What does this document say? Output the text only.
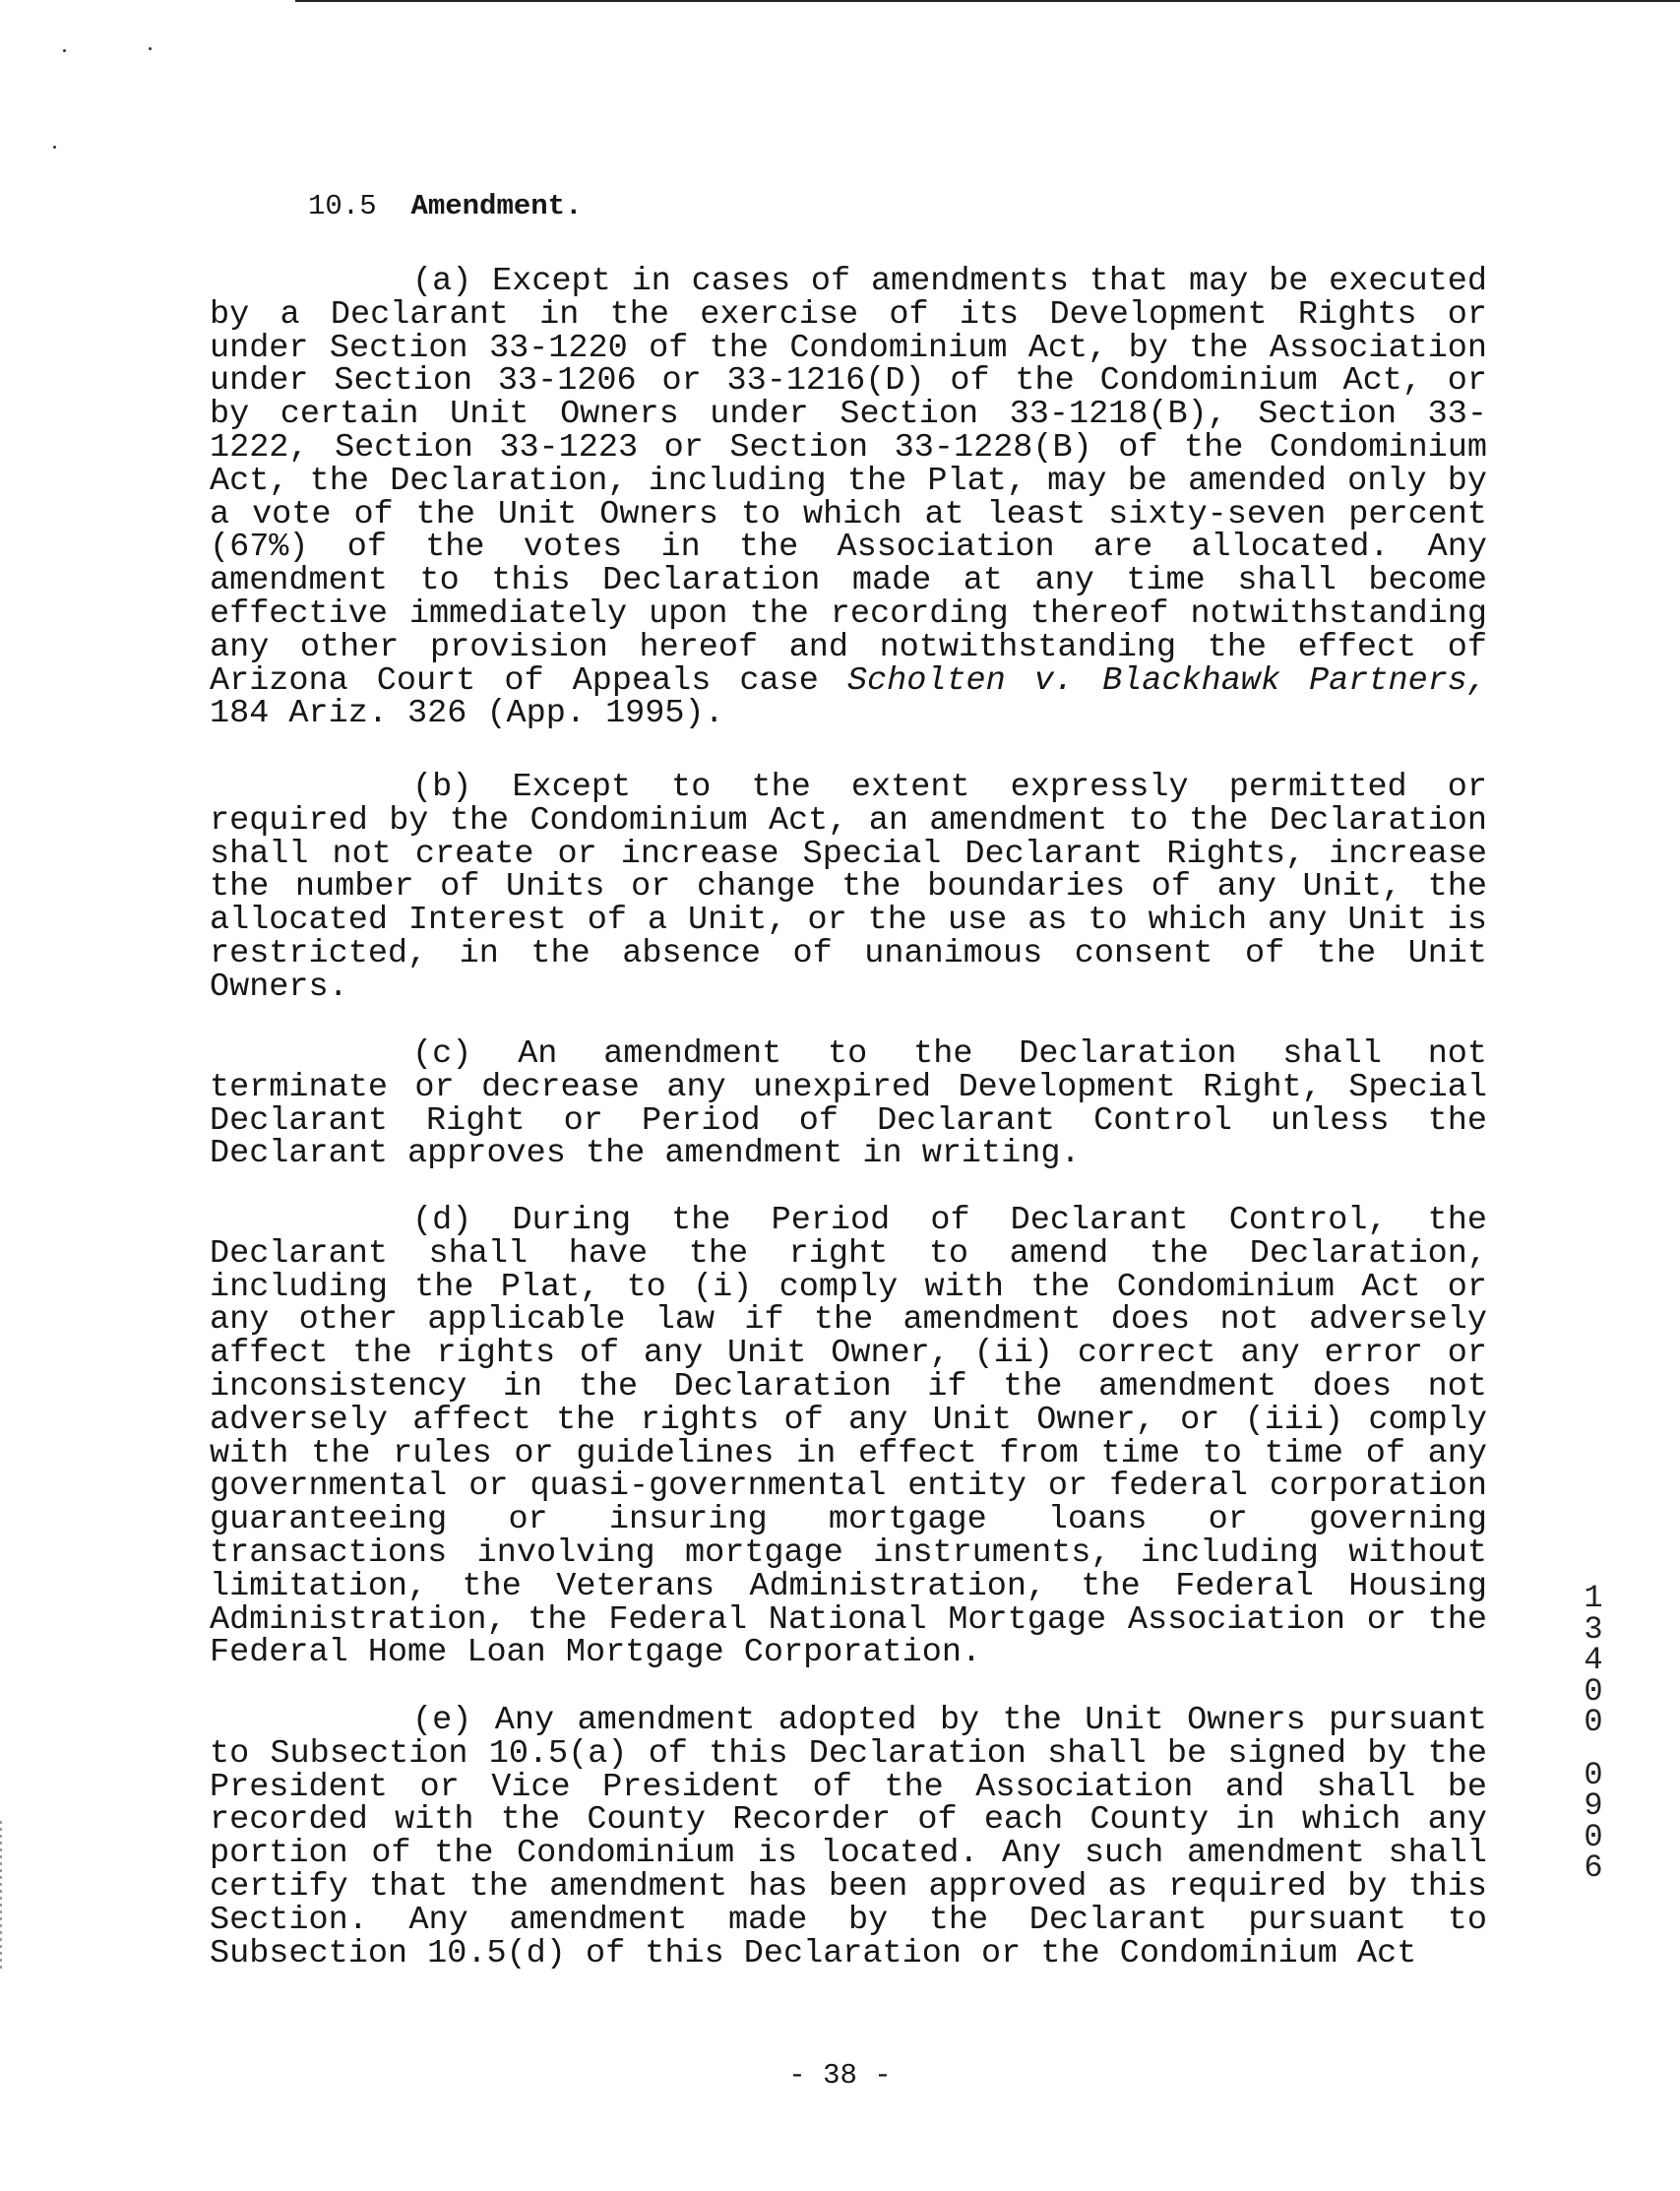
10.5 Amendment.

(a) Except in cases of amendments that may be executed by a Declarant in the exercise of its Development Rights or under Section 33-1220 of the Condominium Act, by the Association under Section 33-1206 or 33-1216(D) of the Condominium Act, or by certain Unit Owners under Section 33-1218(B), Section 33-1222, Section 33-1223 or Section 33-1228(B) of the Condominium Act, the Declaration, including the Plat, may be amended only by a vote of the Unit Owners to which at least sixty-seven percent (67%) of the votes in the Association are allocated. Any amendment to this Declaration made at any time shall become effective immediately upon the recording thereof notwithstanding any other provision hereof and notwithstanding the effect of Arizona Court of Appeals case Scholten v. Blackhawk Partners, 184 Ariz. 326 (App. 1995).

(b) Except to the extent expressly permitted or required by the Condominium Act, an amendment to the Declaration shall not create or increase Special Declarant Rights, increase the number of Units or change the boundaries of any Unit, the allocated Interest of a Unit, or the use as to which any Unit is restricted, in the absence of unanimous consent of the Unit Owners.

(c) An amendment to the Declaration shall not terminate or decrease any unexpired Development Right, Special Declarant Right or Period of Declarant Control unless the Declarant approves the amendment in writing.

(d) During the Period of Declarant Control, the Declarant shall have the right to amend the Declaration, including the Plat, to (i) comply with the Condominium Act or any other applicable law if the amendment does not adversely affect the rights of any Unit Owner, (ii) correct any error or inconsistency in the Declaration if the amendment does not adversely affect the rights of any Unit Owner, or (iii) comply with the rules or guidelines in effect from time to time of any governmental or quasi-governmental entity or federal corporation guaranteeing or insuring mortgage loans or governing transactions involving mortgage instruments, including without limitation, the Veterans Administration, the Federal Housing Administration, the Federal National Mortgage Association or the Federal Home Loan Mortgage Corporation.

(e) Any amendment adopted by the Unit Owners pursuant to Subsection 10.5(a) of this Declaration shall be signed by the President or Vice President of the Association and shall be recorded with the County Recorder of each County in which any portion of the Condominium is located. Any such amendment shall certify that the amendment has been approved as required by this Section. Any amendment made by the Declarant pursuant to Subsection 10.5(d) of this Declaration or the Condominium Act

1
3
4
0
0
0
9
0
6
- 38 -
